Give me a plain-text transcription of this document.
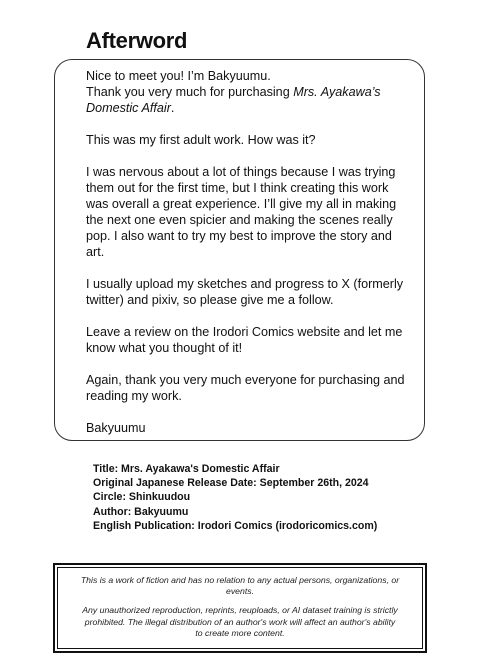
Afterword

Nice to meet you! I’m Bakyuumu.
Thank you very much for purchasing Mrs. Ayakawa’s Domestic Affair.

This was my first adult work. How was it?

I was nervous about a lot of things because I was trying them out for the first time, but I think creating this work was overall a great experience. I’ll give my all in making the next one even spicier and making the scenes really pop. I also want to try my best to improve the story and art.

I usually upload my sketches and progress to X (formerly twitter) and pixiv, so please give me a follow.

Leave a review on the Irodori Comics website and let me know what you thought of it!

Again, thank you very much everyone for purchasing and reading my work.

Bakyuumu

Title: Mrs. Ayakawa's Domestic Affair
Original Japanese Release Date: September 26th, 2024
Circle: Shinkuudou
Author: Bakyuumu
English Publication: Irodori Comics (irodoricomics.com)

This is a work of fiction and has no relation to any actual persons, organizations, or events.

Any unauthorized reproduction, reprints, reuploads, or AI dataset training is strictly prohibited. The illegal distribution of an author's work will affect an author's ability to create more content.
